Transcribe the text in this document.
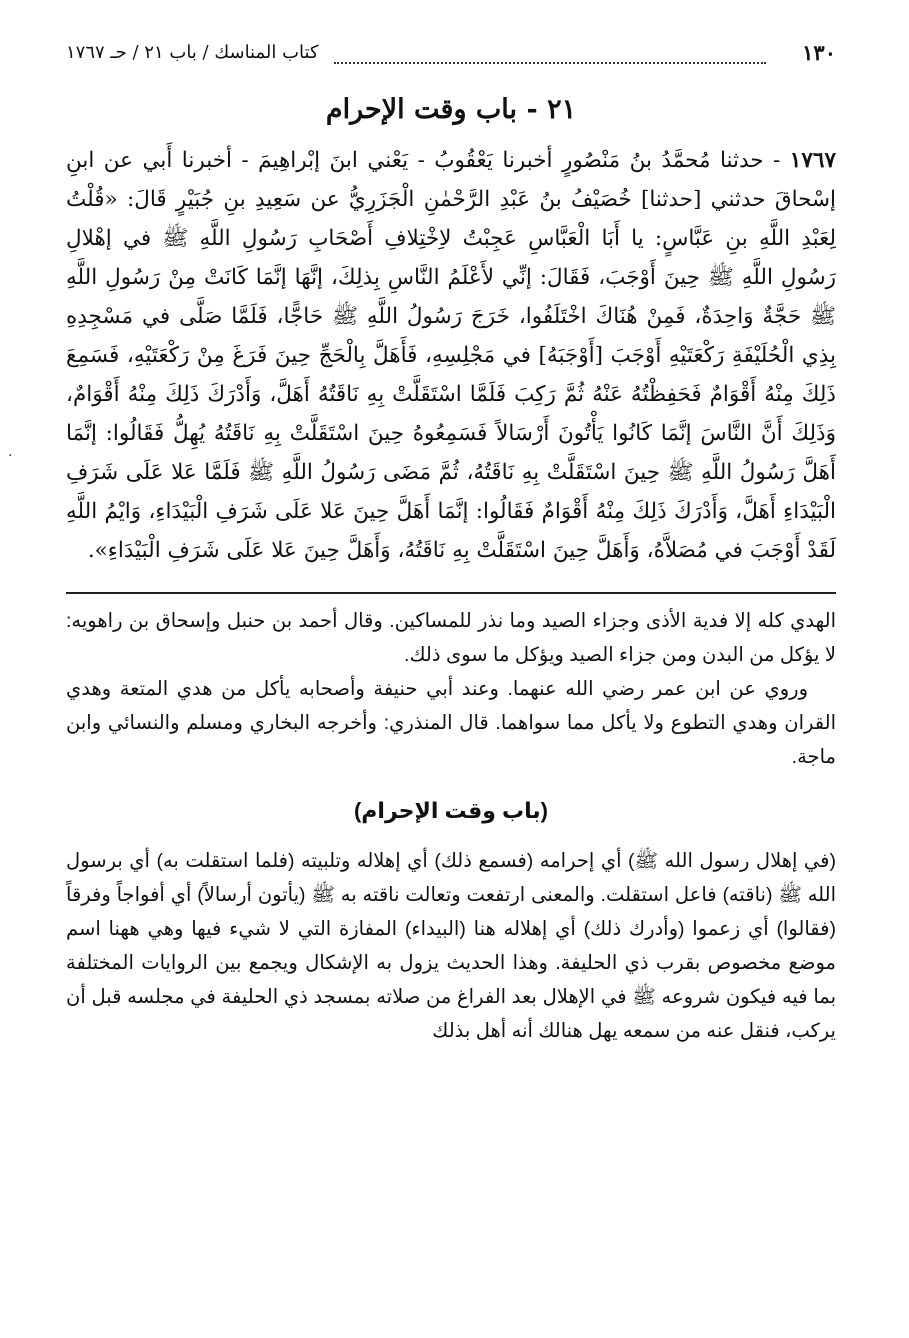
١٣٠
كتاب المناسك / باب ٢١ / حـ ١٧٦٧
٢١ - باب وقت الإحرام

١٧٦٧ - حدثنا مُحمَّدُ بنُ مَنْصُورٍ أخبرنا يَعْقُوبُ - يَعْني ابنَ إبْراهِيمَ - أخبرنا أَبي عن ابنِ إسْحاقَ حدثني [حدثنا] خُصَيْفُ بنُ عَبْدِ الرَّحْمٰنِ الْجَزَرِيُّ عن سَعِيدِ بنِ جُبَيْرٍ قَالَ: «قُلْتُ لِعَبْدِ اللَّهِ بنِ عَبَّاسٍ: يا أَبَا الْعَبَّاسِ عَجِبْتُ لاِخْتِلافِ أَصْحَابِ رَسُولِ اللَّهِ ﷺ في إهْلالِ رَسُولِ اللَّهِ ﷺ حِينَ أَوْجَبَ، فَقَالَ: إنِّي لأَعْلَمُ النَّاسِ بِذلِكَ، إنَّهَا إنَّمَا كَانَتْ مِنْ رَسُولِ اللَّهِ ﷺ حَجَّةٌ وَاحِدَةٌ، فَمِنْ هُنَاكَ اخْتَلَفُوا، خَرَجَ رَسُولُ اللَّهِ ﷺ حَاجًّا، فَلَمَّا صَلَّى في مَسْجِدِهِ بِذِي الْحُلَيْفَةِ رَكْعَتَيْهِ أَوْجَبَ [أَوْجَبَهُ] في مَجْلِسِهِ، فَأَهَلَّ بِالْحَجِّ حِينَ فَرَغَ مِنْ رَكْعَتَيْهِ، فَسَمِعَ ذَلِكَ مِنْهُ أَقْوَامٌ فَحَفِظْتُهُ عَنْهُ ثُمَّ رَكِبَ فَلَمَّا اسْتَقَلَّتْ بِهِ نَاقَتُهُ أَهَلَّ، وَأَدْرَكَ ذَلِكَ مِنْهُ أَقْوَامٌ، وَذَلِكَ أَنَّ النَّاسَ إنَّمَا كَانُوا يَأْتُونَ أَرْسَالاً فَسَمِعُوهُ حِينَ اسْتَقَلَّتْ بِهِ نَاقَتُهُ يُهِلُّ فَقَالُوا: إنَّمَا أَهَلَّ رَسُولُ اللَّهِ ﷺ حِينَ اسْتَقَلَّتْ بِهِ نَاقَتُهُ، ثُمَّ مَضَى رَسُولُ اللَّهِ ﷺ فَلَمَّا عَلا عَلَى شَرَفِ الْبَيْدَاءِ أَهَلَّ، وَأَدْرَكَ ذَلِكَ مِنْهُ أَقْوَامٌ فَقَالُوا: إنَّمَا أَهَلَّ حِينَ عَلا عَلَى شَرَفِ الْبَيْدَاءِ، وَايْمُ اللَّهِ لَقَدْ أَوْجَبَ في مُصَلاَّهُ، وَأَهَلَّ حِينَ اسْتَقَلَّتْ بِهِ نَاقَتُهُ، وَأَهَلَّ حِينَ عَلا عَلَى شَرَفِ الْبَيْدَاءِ».

الهدي كله إلا فدية الأذى وجزاء الصيد وما نذر للمساكين. وقال أحمد بن حنبل وإسحاق بن راهويه: لا يؤكل من البدن ومن جزاء الصيد ويؤكل ما سوى ذلك.

وروي عن ابن عمر رضي الله عنهما. وعند أبي حنيفة وأصحابه يأكل من هدي المتعة وهدي القران وهدي التطوع ولا يأكل مما سواهما. قال المنذري: وأخرجه البخاري ومسلم والنسائي وابن ماجة.

(باب وقت الإحرام)

(في إهلال رسول الله ﷺ) أي إحرامه (فسمع ذلك) أي إهلاله وتلبيته (فلما استقلت به) أي برسول الله ﷺ (ناقته) فاعل استقلت. والمعنى ارتفعت وتعالت ناقته به ﷺ (يأتون أرسالاً) أي أفواجاً وفرقاً (فقالوا) أي زعموا (وأدرك ذلك) أي إهلاله هنا (البيداء) المفازة التي لا شيء فيها وهي ههنا اسم موضع مخصوص بقرب ذي الحليفة. وهذا الحديث يزول به الإشكال ويجمع بين الروايات المختلفة بما فيه فيكون شروعه ﷺ في الإهلال بعد الفراغ من صلاته بمسجد ذي الحليفة في مجلسه قبل أن يركب، فنقل عنه من سمعه يهل هنالك أنه أهل بذلك

·
